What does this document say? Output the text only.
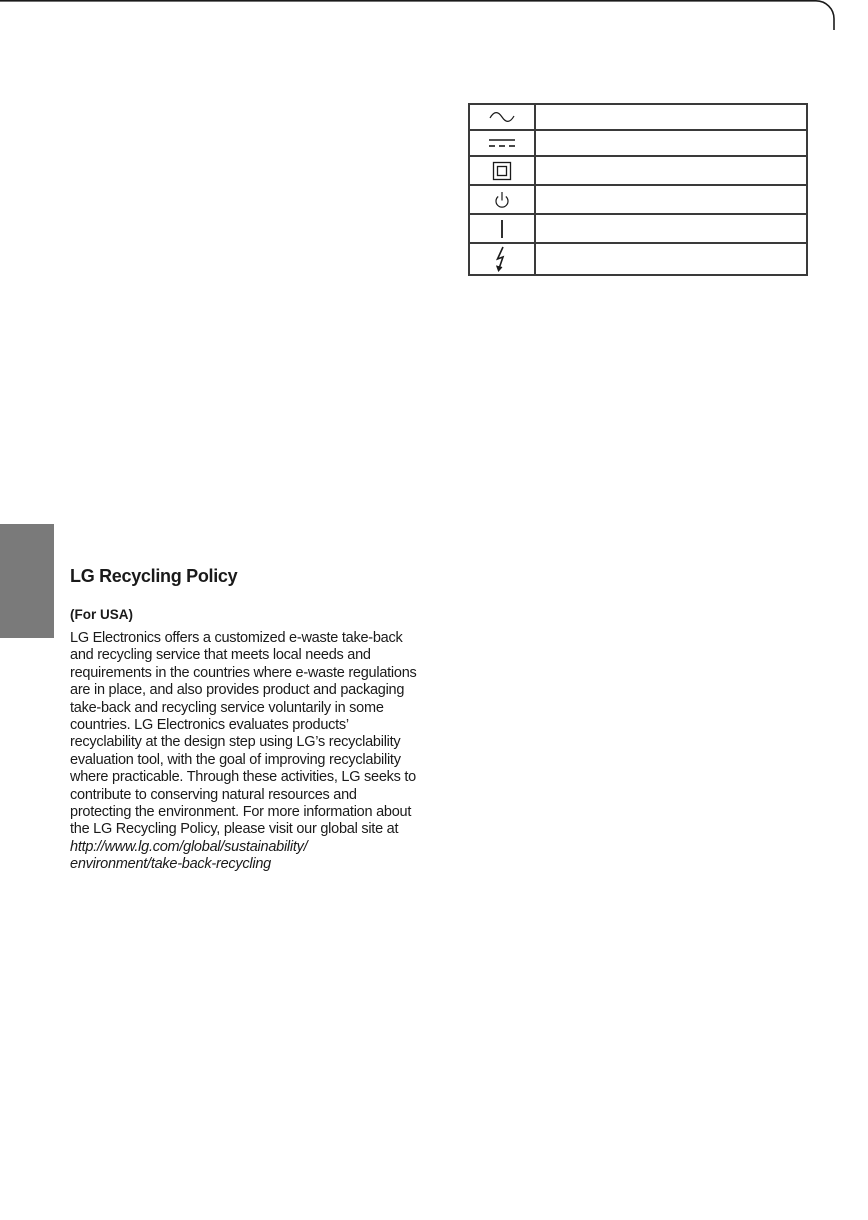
LG Recycling Policy
(For USA)

LG Electronics offers a customized e-waste take-back and recycling service that meets local needs and requirements in the countries where e-waste regulations are in place, and also provides product and packaging take-back and recycling service voluntarily in some countries. LG Electronics evaluates products’ recyclability at the design step using LG’s recyclability evaluation tool, with the goal of improving recyclability where practicable. Through these activities, LG seeks to contribute to conserving natural resources and protecting the environment. For more information about the LG Recycling Policy, please visit our global site at
http://www.lg.com/global/sustainability/
environment/take-back-recycling
